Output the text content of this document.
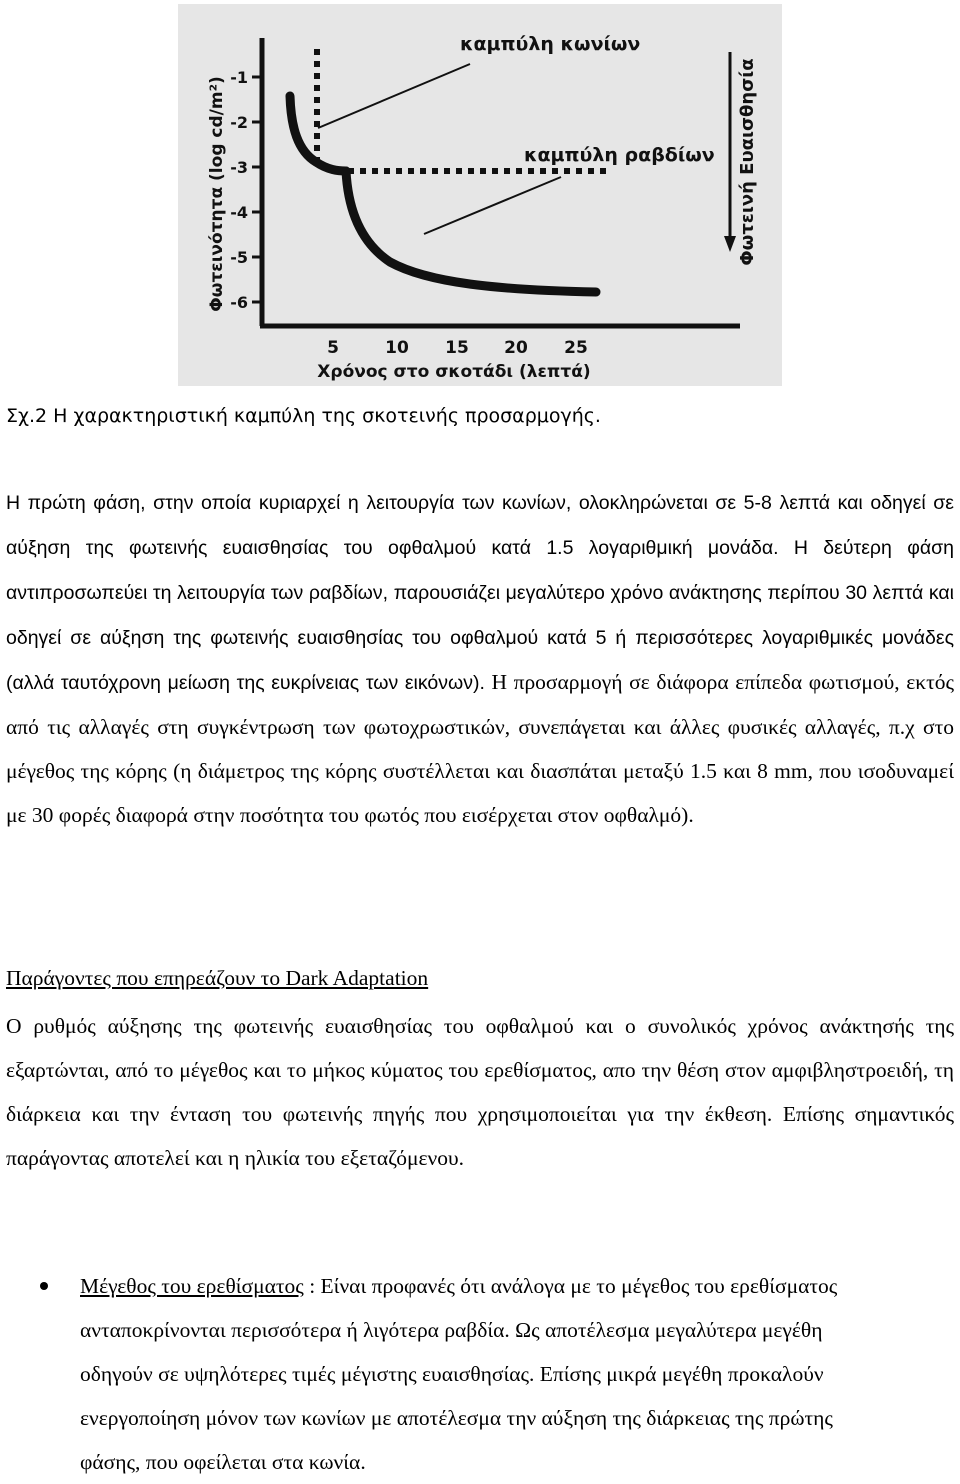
Φωτεινότητα (log cd/m²) -1
-2
-3
-4
-5
-6
5	10 15 20 25
Χρόνος στο σκοτάδι (λεπτά)
καμπύλη κωνίων
καμπύλη ραβδίων Φωτεινή Ευαισθησία
Σχ.2 Η χαρακτηριστική καμπύλη της σκοτεινής προσαρμογής.

Η πρώτη φάση, στην οποία κυριαρχεί η λειτουργία των κωνίων, ολοκληρώνεται σε 5-8 λεπτά και οδηγεί σε αύξηση της φωτεινής ευαισθησίας του οφθαλμού κατά 1.5 λογαριθμική μονάδα. Η δεύτερη φάση αντιπροσωπεύει τη λειτουργία των ραβδίων, παρουσιάζει μεγαλύτερο χρόνο ανάκτησης περίπου 30 λεπτά και οδηγεί σε αύξηση της φωτεινής ευαισθησίας του οφθαλμού κατά 5 ή περισσότερες λογαριθμικές μονάδες (αλλά ταυτόχρονη μείωση της ευκρίνειας των εικόνων). Η προσαρμογή σε διάφορα επίπεδα φωτισμού, εκτός από τις αλλαγές στη συγκέντρωση των φωτοχρωστικών, συνεπάγεται και άλλες φυσικές αλλαγές, π.χ στο μέγεθος της κόρης (η διάμετρος της κόρης συστέλλεται και διασπάται μεταξύ 1.5 και 8 mm, που ισοδυναμεί με 30 φορές διαφορά στην ποσότητα του φωτός που εισέρχεται στον οφθαλμό).

Παράγοντες που επηρεάζουν το Dark Adaptation

Ο ρυθμός αύξησης της φωτεινής ευαισθησίας του οφθαλμού και ο συνολικός χρόνος ανάκτησής της εξαρτώνται, από το μέγεθος και το μήκος κύματος του ερεθίσματος, απο την θέση στον αμφιβληστροειδή, τη διάρκεια και την ένταση του φωτεινής πηγής που χρησιμοποιείται για την έκθεση. Επίσης σημαντικός παράγοντας αποτελεί και η ηλικία του εξεταζόμενου.

Μέγεθος του ερεθίσματος : Είναι προφανές ότι ανάλογα με το μέγεθος του ερεθίσματος ανταποκρίνονται περισσότερα ή λιγότερα ραβδία. Ως αποτέλεσμα μεγαλύτερα μεγέθη οδηγούν σε υψηλότερες τιμές μέγιστης ευαισθησίας. Επίσης μικρά μεγέθη προκαλούν ενεργοποίηση μόνον των κωνίων με αποτέλεσμα την αύξηση της διάρκειας της πρώτης φάσης, που οφείλεται στα κωνία.
